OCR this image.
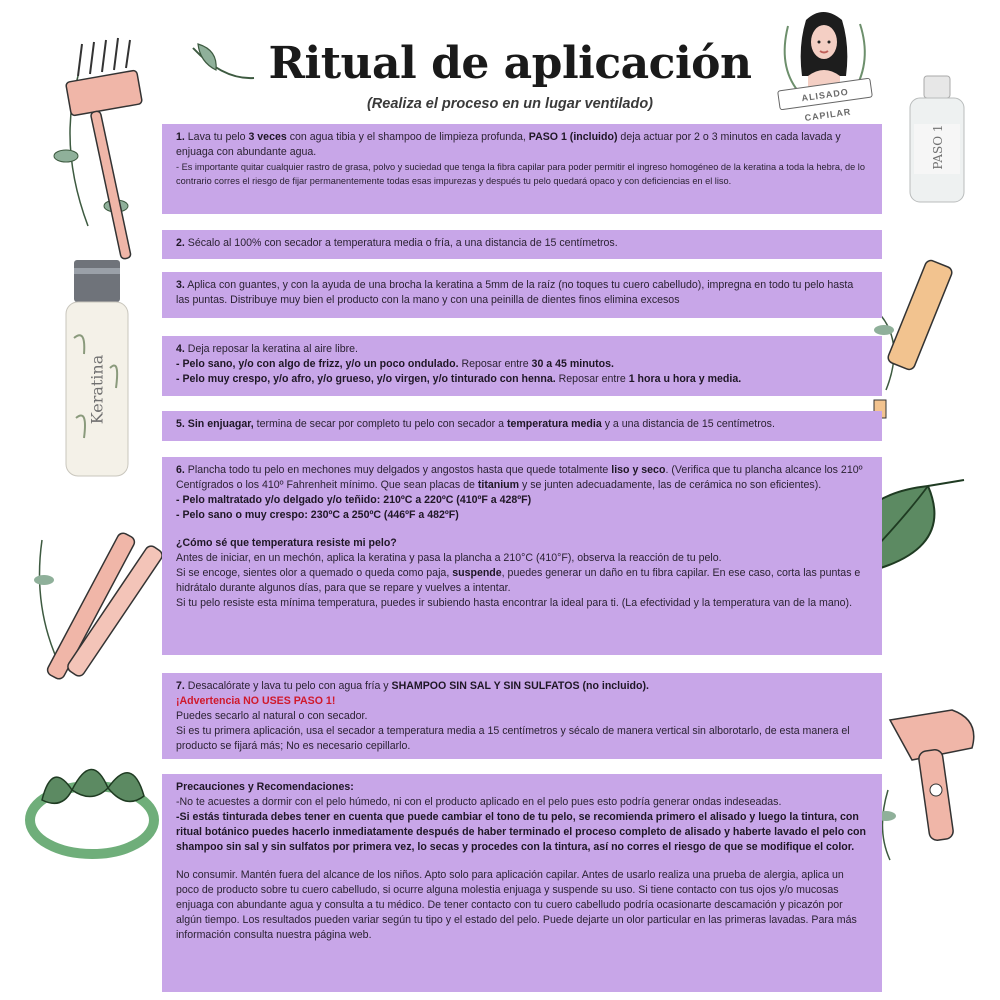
Ritual de aplicación
(Realiza el proceso en un lugar ventilado)
ALISADO CAPILAR
PASO 1
Keratina

1. Lava tu pelo 3 veces con agua tibia y el shampoo de limpieza profunda, PASO 1 (incluido) deja actuar por 2 o 3 minutos en cada lavada y enjuaga con abundante agua.

- Es importante quitar cualquier rastro de grasa, polvo y suciedad que tenga la fibra capilar para poder permitir el ingreso homogéneo de la keratina a toda la hebra, de lo contrario corres el riesgo de fijar permanentemente todas esas impurezas y después tu pelo quedará opaco y con deficiencias en el liso.

2. Sécalo al 100% con secador a temperatura media o fría, a una distancia de 15 centímetros.

3. Aplica con guantes, y con la ayuda de una brocha la keratina a 5mm de la raíz (no toques tu cuero cabelludo), impregna en todo tu pelo hasta las puntas. Distribuye muy bien el producto con la mano y con una peinilla de dientes finos elimina excesos

4. Deja reposar la keratina al aire libre.

- Pelo sano, y/o con algo de frizz, y/o un poco ondulado. Reposar entre 30 a 45 minutos.

- Pelo muy crespo, y/o afro, y/o grueso, y/o virgen, y/o tinturado con henna. Reposar entre 1 hora u hora y media.

5. Sin enjuagar, termina de secar por completo tu pelo con secador a temperatura media y a una distancia de 15 centímetros.

6. Plancha todo tu pelo en mechones muy delgados y angostos hasta que quede totalmente liso y seco. (Verifica que tu plancha alcance los 210º Centígrados o los 410º Fahrenheit mínimo. Que sean placas de titanium y se junten adecuadamente, las de cerámica no son eficientes).

- Pelo maltratado y/o delgado y/o teñido: 210ºC a 220ºC (410ºF a 428ºF)

- Pelo sano o muy crespo: 230ºC a 250ºC (446ºF a 482ºF)

¿Cómo sé que temperatura resiste mi pelo?

Antes de iniciar, en un mechón, aplica la keratina y pasa la plancha a 210°C (410°F), observa la reacción de tu pelo.

Si se encoge, sientes olor a quemado o queda como paja, suspende, puedes generar un daño en tu fibra capilar. En ese caso, corta las puntas e hidrátalo durante algunos días, para que se repare y vuelves a intentar.

Si tu pelo resiste esta mínima temperatura, puedes ir subiendo hasta encontrar la ideal para ti. (La efectividad y la temperatura van de la mano).

7. Desacalórate y lava tu pelo con agua fría y SHAMPOO SIN SAL Y SIN SULFATOS (no incluido).

¡Advertencia NO USES PASO 1!

Puedes secarlo al natural o con secador.

Si es tu primera aplicación, usa el secador a temperatura media a 15 centímetros y sécalo de manera vertical sin alborotarlo, de esta manera el producto se fijará más; No es necesario cepillarlo.

Precauciones y Recomendaciones:

-No te acuestes a dormir con el pelo húmedo, ni con el producto aplicado en el pelo pues esto podría generar ondas indeseadas.

-Si estás tinturada debes tener en cuenta que puede cambiar el tono de tu pelo, se recomienda primero el alisado y luego la tintura, con ritual botánico puedes hacerlo inmediatamente después de haber terminado el proceso completo de alisado y haberte lavado el pelo con shampoo sin sal y sin sulfatos por primera vez, lo secas y procedes con la tintura, así no corres el riesgo de que se modifique el color.

No consumir. Mantén fuera del alcance de los niños. Apto solo para aplicación capilar. Antes de usarlo realiza una prueba de alergia, aplica un poco de producto sobre tu cuero cabelludo, si ocurre alguna molestia enjuaga y suspende su uso. Si tiene contacto con tus ojos y/o mucosas enjuaga con abundante agua y consulta a tu médico. De tener contacto con tu cuero cabelludo podría ocasionarte descamación y picazón por algún tiempo. Los resultados pueden variar según tu tipo y el estado del pelo. Puede dejarte un olor particular en las primeras lavadas. Para más información consulta nuestra página web.
